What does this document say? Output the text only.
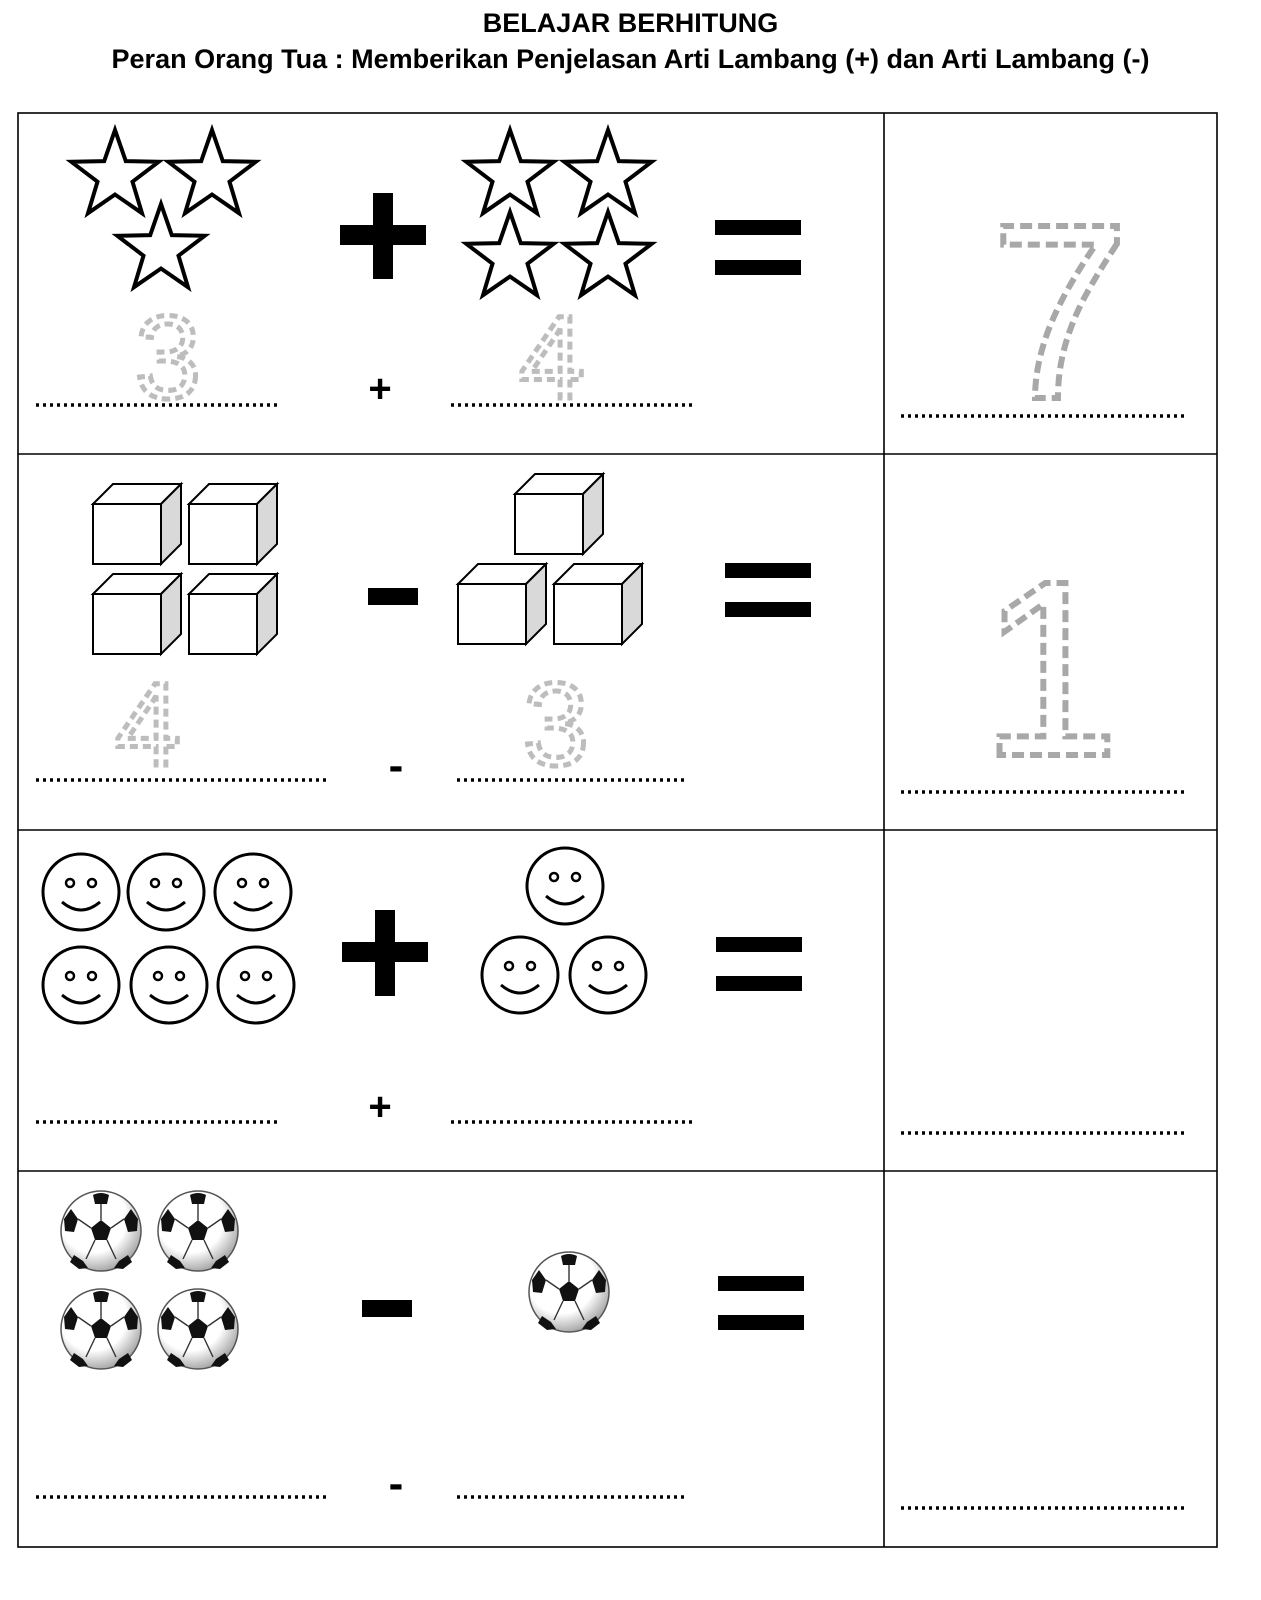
BELAJAR BERHITUNG
Peran Orang Tua : Memberikan Penjelasan Arti Lambang (+) dan Arti Lambang (-)
3	4 7
+
4	3 1
-
+
-
